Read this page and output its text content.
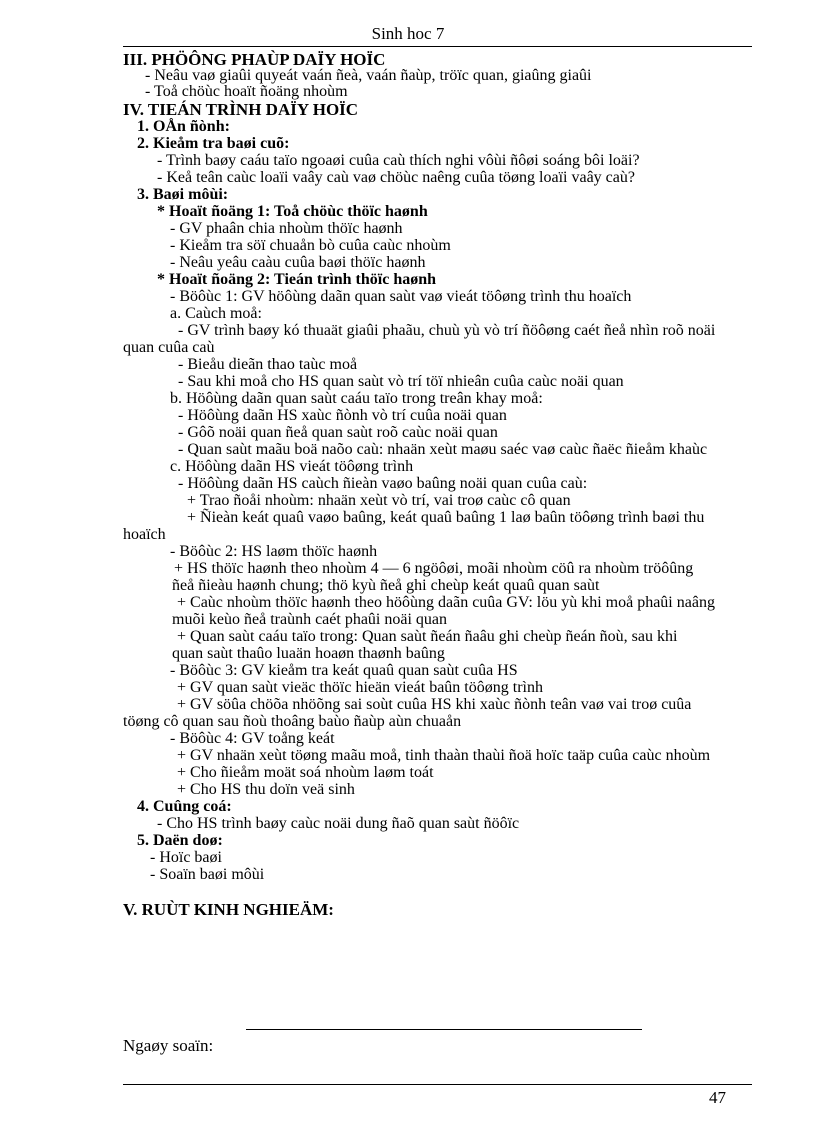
Sinh hoc 7
III. PHÖÔNG PHAÙP DAÏY HOÏC
- Neâu vaø giaûi quyeát vaán ñeà, vaán ñaùp, tröïc quan, giaûng giaûi
- Toå chöùc hoaït ñoäng nhoùm
IV. TIEÁN TRÌNH DAÏY HOÏC
1. OÅn ñònh:
2. Kieåm tra baøi cuõ:
- Trình baøy caáu taïo ngoaøi cuûa caù thích nghi vôùi ñôøi soáng bôi loäi?
- Keå teân caùc loaïi vaây caù vaø chöùc naêng cuûa töøng loaïi vaây caù?
3. Baøi môùi:
* Hoaït ñoäng 1: Toå chöùc thöïc haønh
- GV phaân chia nhoùm thöïc haønh
- Kieåm tra söï chuaån bò cuûa caùc nhoùm
- Neâu yeâu caàu cuûa baøi thöïc haønh
* Hoaït ñoäng 2: Tieán trình thöïc haønh
- Böôùc 1: GV höôùng daãn quan saùt vaø vieát töôøng trình thu hoaïch
a. Caùch moå:
- GV trình baøy kó thuaät giaûi phaãu, chuù yù vò trí ñöôøng caét ñeå nhìn roõ noäi
quan cuûa caù
- Bieåu dieãn thao taùc moå
- Sau khi moå cho HS quan saùt vò trí töï nhieân cuûa caùc noäi quan
b. Höôùng daãn quan saùt caáu taïo trong treân khay moå:
- Höôùng daãn HS xaùc ñònh vò trí cuûa noäi quan
- Gôõ noäi quan ñeå quan saùt roõ caùc noäi quan
- Quan saùt maãu boä naõo caù: nhaän xeùt maøu saéc vaø caùc ñaëc ñieåm khaùc
c. Höôùng daãn HS vieát töôøng trình
- Höôùng daãn HS caùch ñieàn vaøo baûng noäi quan cuûa caù:
+ Trao ñoåi nhoùm: nhaän xeùt vò trí, vai troø caùc cô quan
+ Ñieàn keát quaû vaøo baûng, keát quaû baûng 1 laø baûn töôøng trình baøi thu
hoaïch
- Böôùc 2: HS laøm thöïc haønh
+ HS thöïc haønh theo nhoùm 4 — 6 ngöôøi, moãi nhoùm cöû ra nhoùm tröôûng
ñeå ñieàu haønh chung; thö kyù ñeå ghi cheùp keát quaû quan saùt
+ Caùc nhoùm thöïc haønh theo höôùng daãn cuûa GV: löu yù khi moå phaûi naâng
muõi keùo ñeå traùnh caét phaûi noäi quan
+ Quan saùt caáu taïo trong: Quan saùt ñeán ñaâu ghi cheùp ñeán ñoù, sau khi
quan saùt thaûo luaän hoaøn thaønh baûng
- Böôùc 3: GV kieåm tra keát quaû quan saùt cuûa HS
+ GV quan saùt vieäc thöïc hieän vieát baûn töôøng trình
+ GV söûa chöõa nhöõng sai soùt cuûa HS khi xaùc ñònh teân vaø vai troø cuûa
töøng cô quan sau ñoù thoâng baùo ñaùp aùn chuaån
- Böôùc 4: GV toång keát
+ GV nhaän xeùt töøng maãu moå, tinh thaàn thaùi ñoä hoïc taäp cuûa caùc nhoùm
+ Cho ñieåm moät soá nhoùm laøm toát
+ Cho HS thu doïn veä sinh
4. Cuûng coá:
- Cho HS trình baøy caùc noäi dung ñaõ quan saùt ñöôïc
5. Daën doø:
- Hoïc baøi
- Soaïn baøi môùi
V. RUÙT KINH NGHIEÄM:
Ngaøy soaïn:
47
